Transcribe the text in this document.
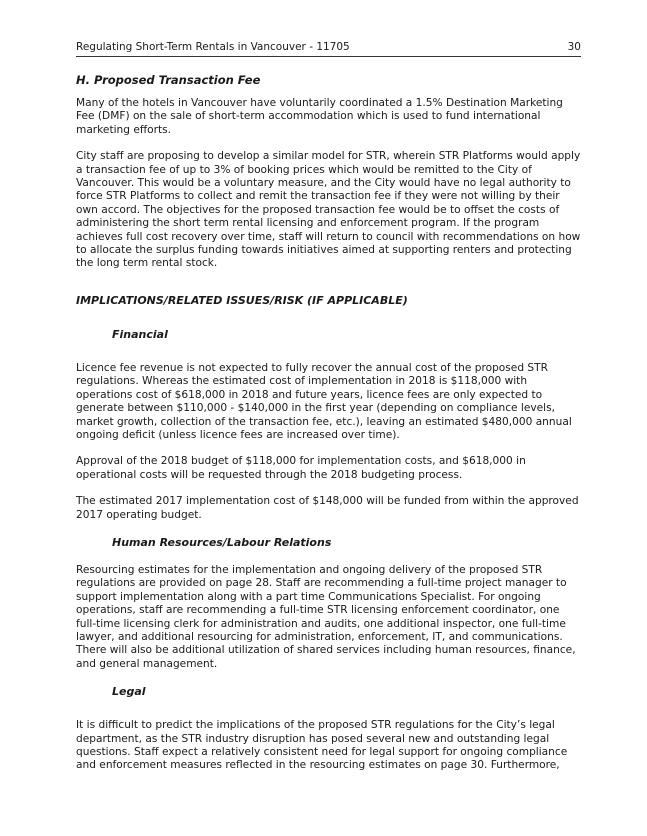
Regulating Short-Term Rentals in Vancouver - 11705	30
H. Proposed Transaction Fee

Many of the hotels in Vancouver have voluntarily coordinated a 1.5% Destination Marketing Fee (DMF) on the sale of short-term accommodation which is used to fund international marketing efforts.

City staff are proposing to develop a similar model for STR, wherein STR Platforms would apply a transaction fee of up to 3% of booking prices which would be remitted to the City of Vancouver. This would be a voluntary measure, and the City would have no legal authority to force STR Platforms to collect and remit the transaction fee if they were not willing by their own accord. The objectives for the proposed transaction fee would be to offset the costs of administering the short term rental licensing and enforcement program. If the program achieves full cost recovery over time, staff will return to council with recommendations on how to allocate the surplus funding towards initiatives aimed at supporting renters and protecting the long term rental stock.

IMPLICATIONS/RELATED ISSUES/RISK (IF APPLICABLE)
Financial

Licence fee revenue is not expected to fully recover the annual cost of the proposed STR regulations. Whereas the estimated cost of implementation in 2018 is $118,000 with operations cost of $618,000 in 2018 and future years, licence fees are only expected to generate between $110,000 - $140,000 in the first year (depending on compliance levels, market growth, collection of the transaction fee, etc.), leaving an estimated $480,000 annual ongoing deficit (unless licence fees are increased over time).

Approval of the 2018 budget of $118,000 for implementation costs, and $618,000 in operational costs will be requested through the 2018 budgeting process.

The estimated 2017 implementation cost of $148,000 will be funded from within the approved 2017 operating budget.

Human Resources/Labour Relations

Resourcing estimates for the implementation and ongoing delivery of the proposed STR regulations are provided on page 28. Staff are recommending a full-time project manager to support implementation along with a part time Communications Specialist. For ongoing operations, staff are recommending a full-time STR licensing enforcement coordinator, one full-time licensing clerk for administration and audits, one additional inspector, one full-time lawyer, and additional resourcing for administration, enforcement, IT, and communications. There will also be additional utilization of shared services including human resources, finance, and general management.

Legal

It is difficult to predict the implications of the proposed STR regulations for the City’s legal department, as the STR industry disruption has posed several new and outstanding legal questions. Staff expect a relatively consistent need for legal support for ongoing compliance and enforcement measures reflected in the resourcing estimates on page 30. Furthermore,
